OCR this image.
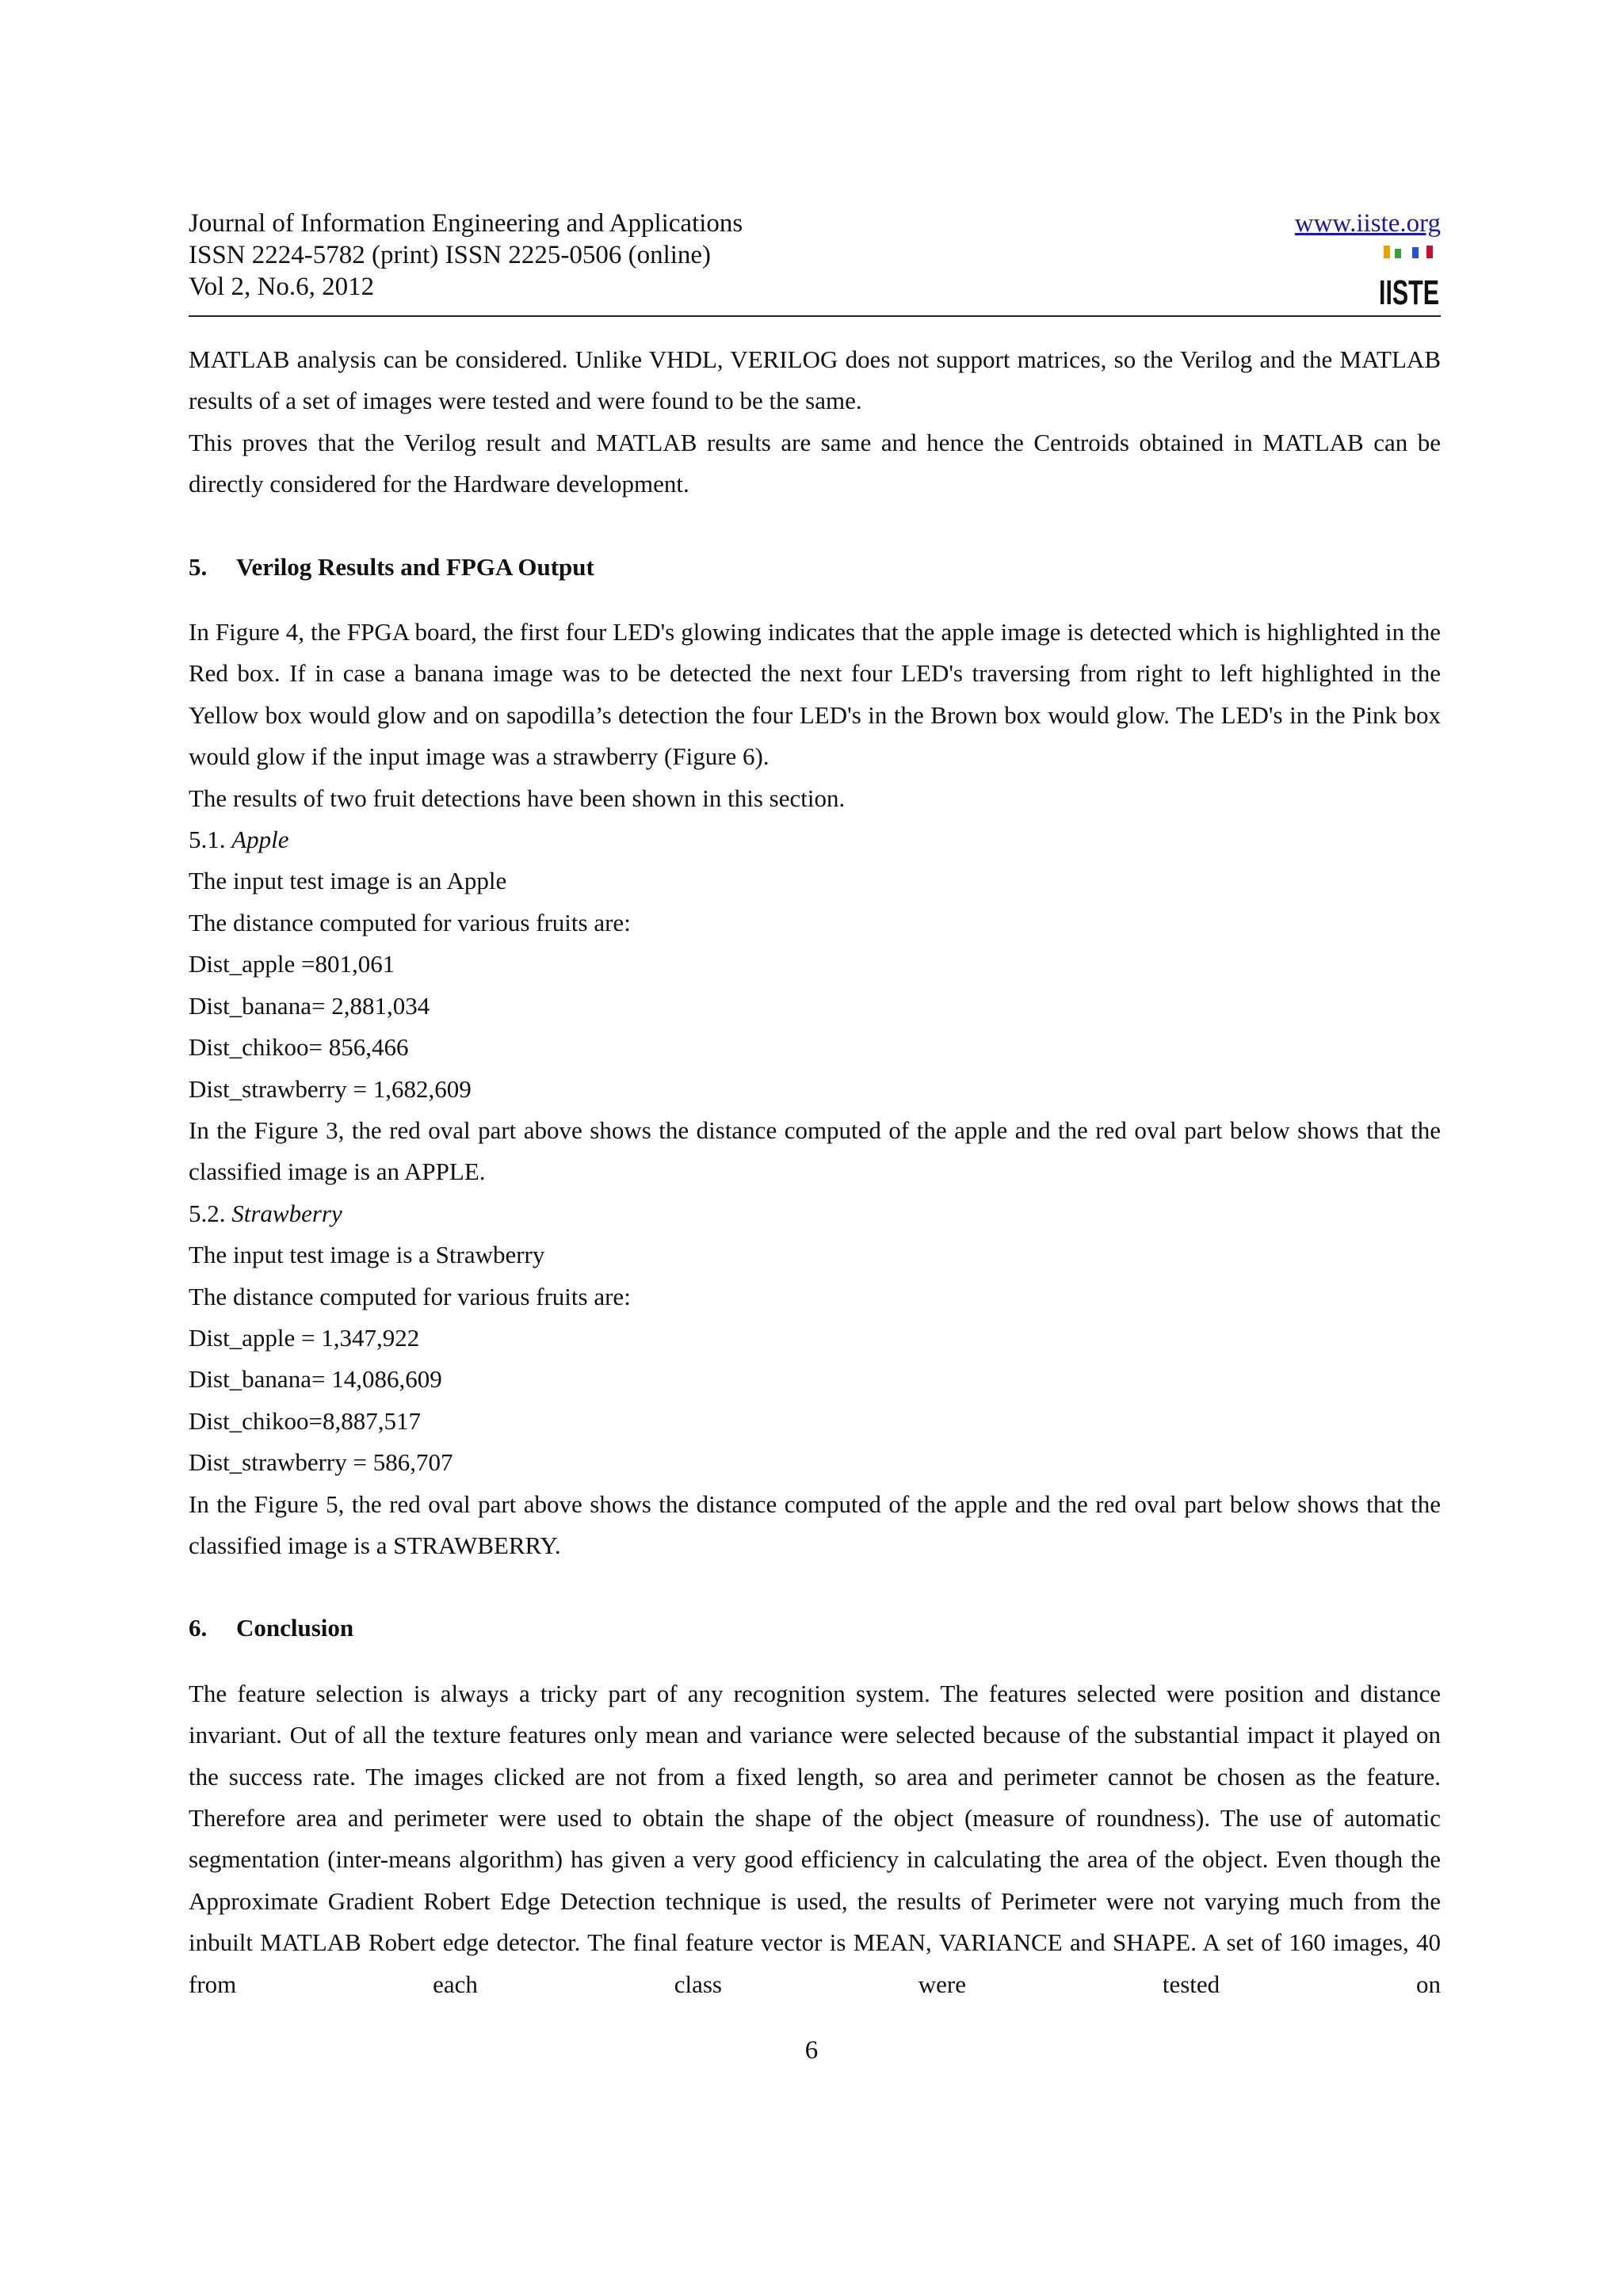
Journal of Information Engineering and Applications
ISSN 2224-5782 (print) ISSN 2225-0506 (online)
Vol 2, No.6, 2012
www.iiste.org
IISTE

MATLAB analysis can be considered. Unlike VHDL, VERILOG does not support matrices, so the Verilog and the MATLAB results of a set of images were tested and were found to be the same.

This proves that the Verilog result and MATLAB results are same and hence the Centroids obtained in MATLAB can be directly considered for the Hardware development.

5. Verilog Results and FPGA Output

In Figure 4, the FPGA board, the first four LED's glowing indicates that the apple image is detected which is highlighted in the Red box. If in case a banana image was to be detected the next four LED's traversing from right to left highlighted in the Yellow box would glow and on sapodilla’s detection the four LED's in the Brown box would glow. The LED's in the Pink box would glow if the input image was a strawberry (Figure 6).

The results of two fruit detections have been shown in this section.

5.1. Apple

The input test image is an Apple

The distance computed for various fruits are:

Dist_apple =801,061

Dist_banana= 2,881,034

Dist_chikoo= 856,466

Dist_strawberry = 1,682,609

In the Figure 3, the red oval part above shows the distance computed of the apple and the red oval part below shows that the classified image is an APPLE.

5.2. Strawberry

The input test image is a Strawberry

The distance computed for various fruits are:

Dist_apple = 1,347,922

Dist_banana= 14,086,609

Dist_chikoo=8,887,517

Dist_strawberry = 586,707

In the Figure 5, the red oval part above shows the distance computed of the apple and the red oval part below shows that the classified image is a STRAWBERRY.

6. Conclusion

The feature selection is always a tricky part of any recognition system. The features selected were position and distance invariant. Out of all the texture features only mean and variance were selected because of the substantial impact it played on the success rate. The images clicked are not from a fixed length, so area and perimeter cannot be chosen as the feature. Therefore area and perimeter were used to obtain the shape of the object (measure of roundness). The use of automatic segmentation (inter-means algorithm) has given a very good efficiency in calculating the area of the object. Even though the Approximate Gradient Robert Edge Detection technique is used, the results of Perimeter were not varying much from the inbuilt MATLAB Robert edge detector. The final feature vector is MEAN, VARIANCE and SHAPE. A set of 160 images, 40 from each class were tested on

6
